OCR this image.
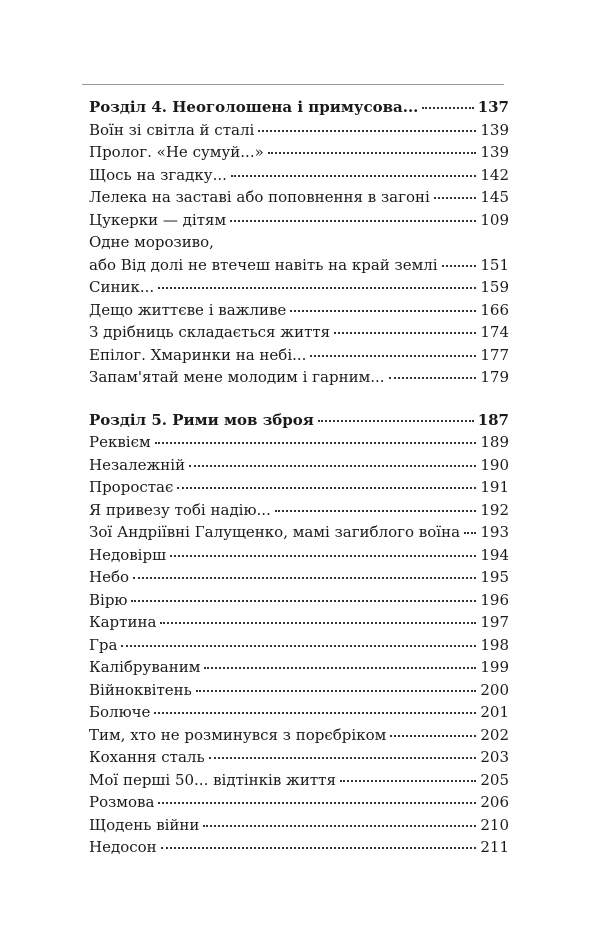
Розділ 4. Неоголошена і примусова...	137
Воїн зі світла й сталі	139
Пролог. «Не сумуй...»	139
Щось на згадку...	142
Лелека на заставі або поповнення в загоні	145
Цукерки — дітям	109
Одне морозиво,
або Від долі не втечеш навіть на край землі	151
Синик...	159
Дещо життєве і важливе	166
З дрібниць складається життя	174
Епілог. Хмаринки на небі...	177
Запам'ятай мене молодим і гарним...	179
Розділ 5. Рими мов зброя	187
Реквієм	189
Незалежній	190
Проростає	191
Я привезу тобі надію...	192
Зої Андріївні Галущенко, мамі загиблого воїна 193
Недовірш	194
Небо	195
Вірю	196
Картина	197
Гра	198
Калібруваним	199
Війноквітень	200
Болюче	201
Тим, хто не розминувся з порєбріком	202
Кохання сталь	203
Мої перші 50... відтінків життя	205
Розмова	206
Щодень війни	210
Недосон	211
